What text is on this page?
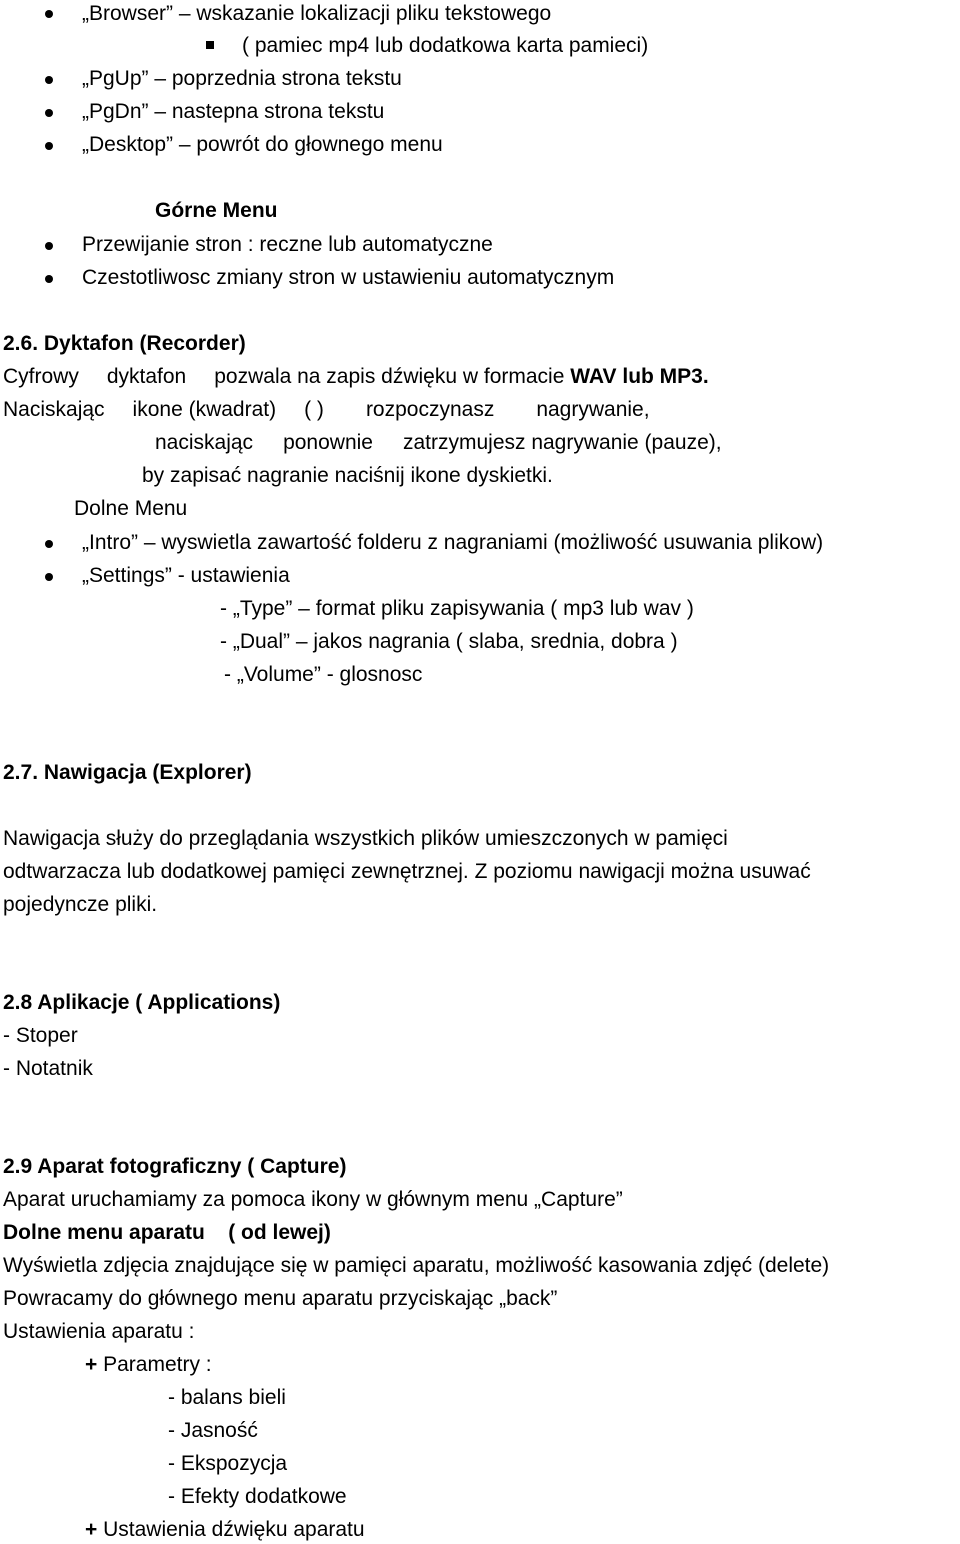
„Browser” – wskazanie lokalizacji pliku tekstowego
( pamiec mp4 lub dodatkowa karta pamieci)
„PgUp” – poprzednia strona tekstu
„PgDn” – nastepna strona tekstu
„Desktop” – powrót do głownego menu
Górne Menu
Przewijanie stron : reczne lub automatyczne
Czestotliwosc zmiany stron w ustawieniu automatycznym
2.6. Dyktafon (Recorder)
Cyfrowy dyktafon pozwala na zapis dźwięku w formacie WAV lub MP3.
Naciskając ikone (kwadrat) ( ) rozpoczynasz nagrywanie,
naciskając ponownie zatrzymujesz nagrywanie (pauze),
by zapisać nagranie naciśnij ikone dyskietki.
Dolne Menu
„Intro” – wyswietla zawartość folderu z nagraniami (możliwość usuwania plikow)
„Settings” - ustawienia
- „Type” – format pliku zapisywania ( mp3 lub wav )
- „Dual” – jakos nagrania ( slaba, srednia, dobra )
- „Volume” - glosnosc
2.7. Nawigacja (Explorer)
Nawigacja służy do przeglądania wszystkich plików umieszczonych w pamięci
odtwarzacza lub dodatkowej pamięci zewnętrznej. Z poziomu nawigacji można usuwać
pojedyncze pliki.
2.8 Aplikacje ( Applications)
- Stoper
- Notatnik
2.9 Aparat fotograficzny ( Capture)
Aparat uruchamiamy za pomoca ikony w głównym menu „Capture”
Dolne menu aparatu    ( od lewej)
Wyświetla zdjęcia znajdujące się w pamięci aparatu, możliwość kasowania zdjęć (delete)
Powracamy do głównego menu aparatu przyciskając „back”
Ustawienia aparatu :
+ Parametry :
- balans bieli
- Jasność
- Ekspozycja
- Efekty dodatkowe
+ Ustawienia dźwięku aparatu
